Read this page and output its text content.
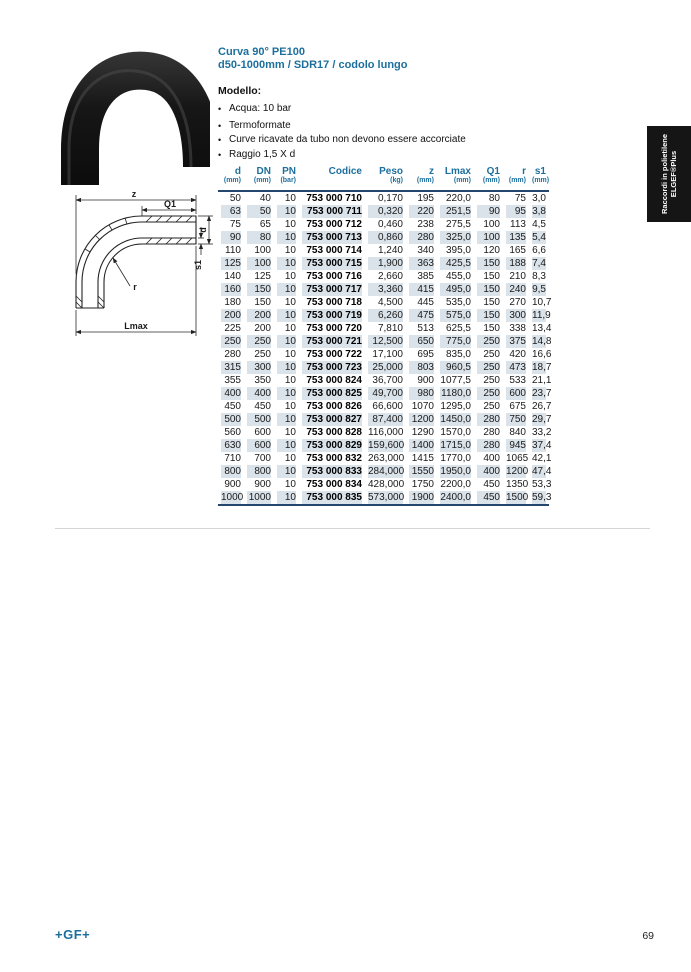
Curva 90° PE100
d50-1000mm / SDR17 / codolo lungo
Modello:
• Acqua: 10 bar
• Termoformate
• Curve ricavate da tubo non devono essere accorciate
• Raggio 1,5 X d
z
Q1
d
s1
r
Lmax
d	DN	PN	Codice	Peso	z	Lmax	Q1	r	s1
(mm)	(mm)	(bar)		(kg)	(mm)	(mm)	(mm)	(mm)	(mm)
50	40	10	753 000 710	0,170	195	220,0	80	75	3,0
63	50	10	753 000 711	0,320	220	251,5	90	95	3,8
75	65	10	753 000 712	0,460	238	275,5	100	113	4,5
90	80	10	753 000 713	0,860	280	325,0	100	135	5,4
110	100	10	753 000 714	1,240	340	395,0	120	165	6,6
125	100	10	753 000 715	1,900	363	425,5	150	188	7,4
140	125	10	753 000 716	2,660	385	455,0	150	210	8,3
160	150	10	753 000 717	3,360	415	495,0	150	240	9,5
180	150	10	753 000 718	4,500	445	535,0	150	270	10,7
200	200	10	753 000 719	6,260	475	575,0	150	300	11,9
225	200	10	753 000 720	7,810	513	625,5	150	338	13,4
250	250	10	753 000 721	12,500	650	775,0	250	375	14,8
280	250	10	753 000 722	17,100	695	835,0	250	420	16,6
315	300	10	753 000 723	25,000	803	960,5	250	473	18,7
355	350	10	753 000 824	36,700	900	1077,5	250	533	21,1
400	400	10	753 000 825	49,700	980	1180,0	250	600	23,7
450	450	10	753 000 826	66,600	1070	1295,0	250	675	26,7
500	500	10	753 000 827	87,400	1200	1450,0	280	750	29,7
560	600	10	753 000 828	116,000	1290	1570,0	280	840	33,2
630	600	10	753 000 829	159,600	1400	1715,0	280	945	37,4
710	700	10	753 000 832	263,000	1415	1770,0	400	1065	42,1
800	800	10	753 000 833	284,000	1550	1950,0	400	1200	47,4
900	900	10	753 000 834	428,000	1750	2200,0	450	1350	53,3
1000	1000	10	753 000 835	573,000	1900	2400,0	450	1500	59,3
Raccordi in polietilene ELGEF®Plus
+GF+	69
